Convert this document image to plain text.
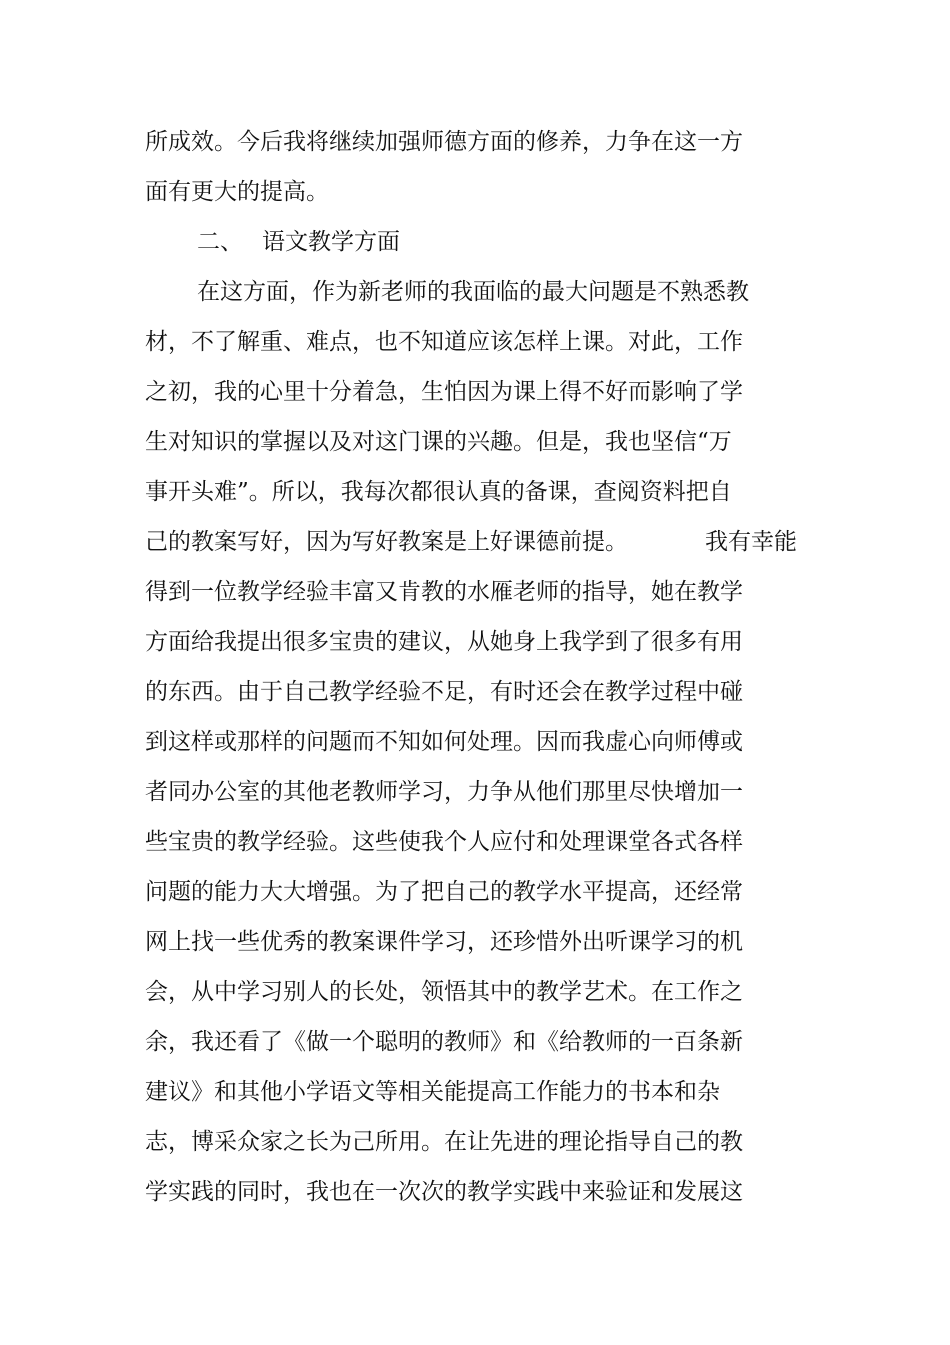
所成效。今后我将继续加强师德方面的修养，力争在这一方

面有更大的提高。

二、 语文教学方面

在这方面，作为新老师的我面临的最大问题是不熟悉教

材，不了解重、难点，也不知道应该怎样上课。对此，工作

之初，我的心里十分着急，生怕因为课上得不好而影响了学

生对知识的掌握以及对这门课的兴趣。但是，我也坚信“万

事开头难”。所以，我每次都很认真的备课，查阅资料把自

己的教案写好，因为写好教案是上好课德前提。	我有幸能

得到一位教学经验丰富又肯教的水雁老师的指导，她在教学

方面给我提出很多宝贵的建议，从她身上我学到了很多有用

的东西。由于自己教学经验不足，有时还会在教学过程中碰

到这样或那样的问题而不知如何处理。因而我虚心向师傅或

者同办公室的其他老教师学习，力争从他们那里尽快增加一

些宝贵的教学经验。这些使我个人应付和处理课堂各式各样

问题的能力大大增强。为了把自己的教学水平提高，还经常

网上找一些优秀的教案课件学习，还珍惜外出听课学习的机

会，从中学习别人的长处，领悟其中的教学艺术。在工作之

余，我还看了《做一个聪明的教师》和《给教师的一百条新

建议》和其他小学语文等相关能提高工作能力的书本和杂

志，博采众家之长为己所用。在让先进的理论指导自己的教

学实践的同时，我也在一次次的教学实践中来验证和发展这
